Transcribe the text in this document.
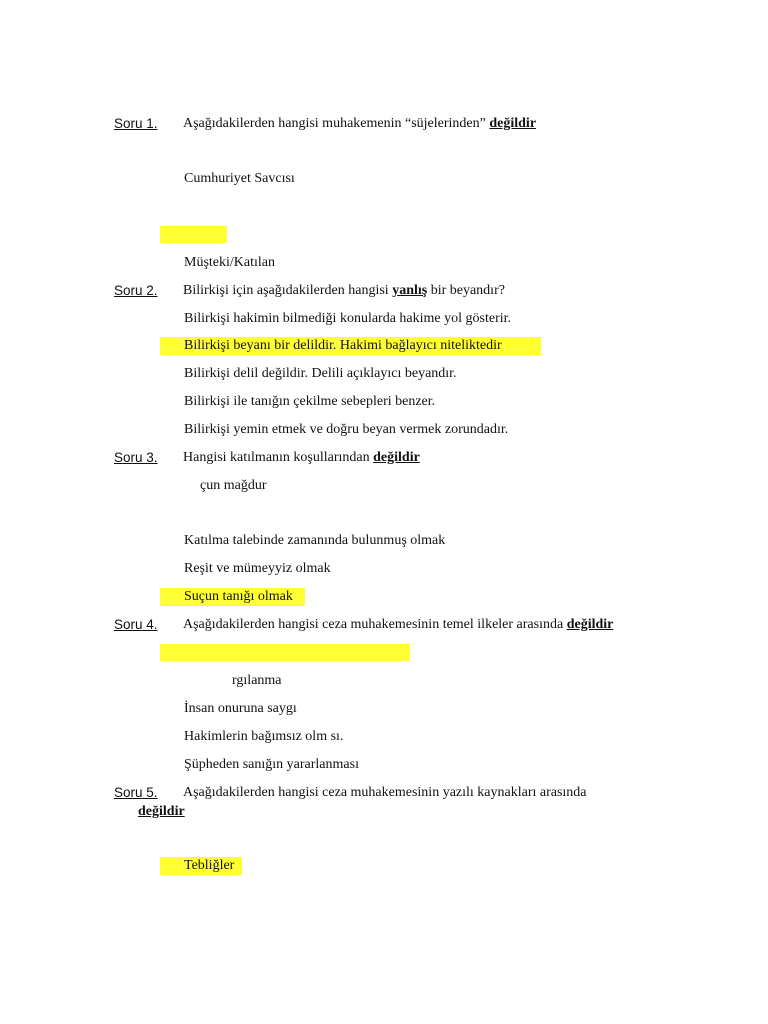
Soru 1. Aşağıdakilerden hangisi muhakemenin “süjelerinden” değildir
Cumhuriyet Savcısı
Müşteki/Katılan
Soru 2. Bilirkişi için aşağıdakilerden hangisi yanlış bir beyandır?
Bilirkişi hakimin bilmediği konularda hakime yol gösterir.
Bilirkişi beyanı bir delildir. Hakimi bağlayıcı niteliktedir
Bilirkişi delil değildir. Delili açıklayıcı beyandır.
Bilirkişi ile tanığın çekilme sebepleri benzer.
Bilirkişi yemin etmek ve doğru beyan vermek zorundadır.
Soru 3. Hangisi katılmanın koşullarından değildir
çun mağdur
Katılma talebinde zamanında bulunmuş olmak
Reşit ve mümeyyiz olmak
Suçun tanığı olmak
Soru 4. Aşağıdakilerden hangisi ceza muhakemesinin temel ilkeler arasında değildir
rgılanma
İnsan onuruna saygı
Hakimlerin bağımsız olm sı.
Şüpheden sanığın yararlanması
Soru 5. Aşağıdakilerden hangisi ceza muhakemesinin yazılı kaynakları arasında
değildir
Tebliğler
